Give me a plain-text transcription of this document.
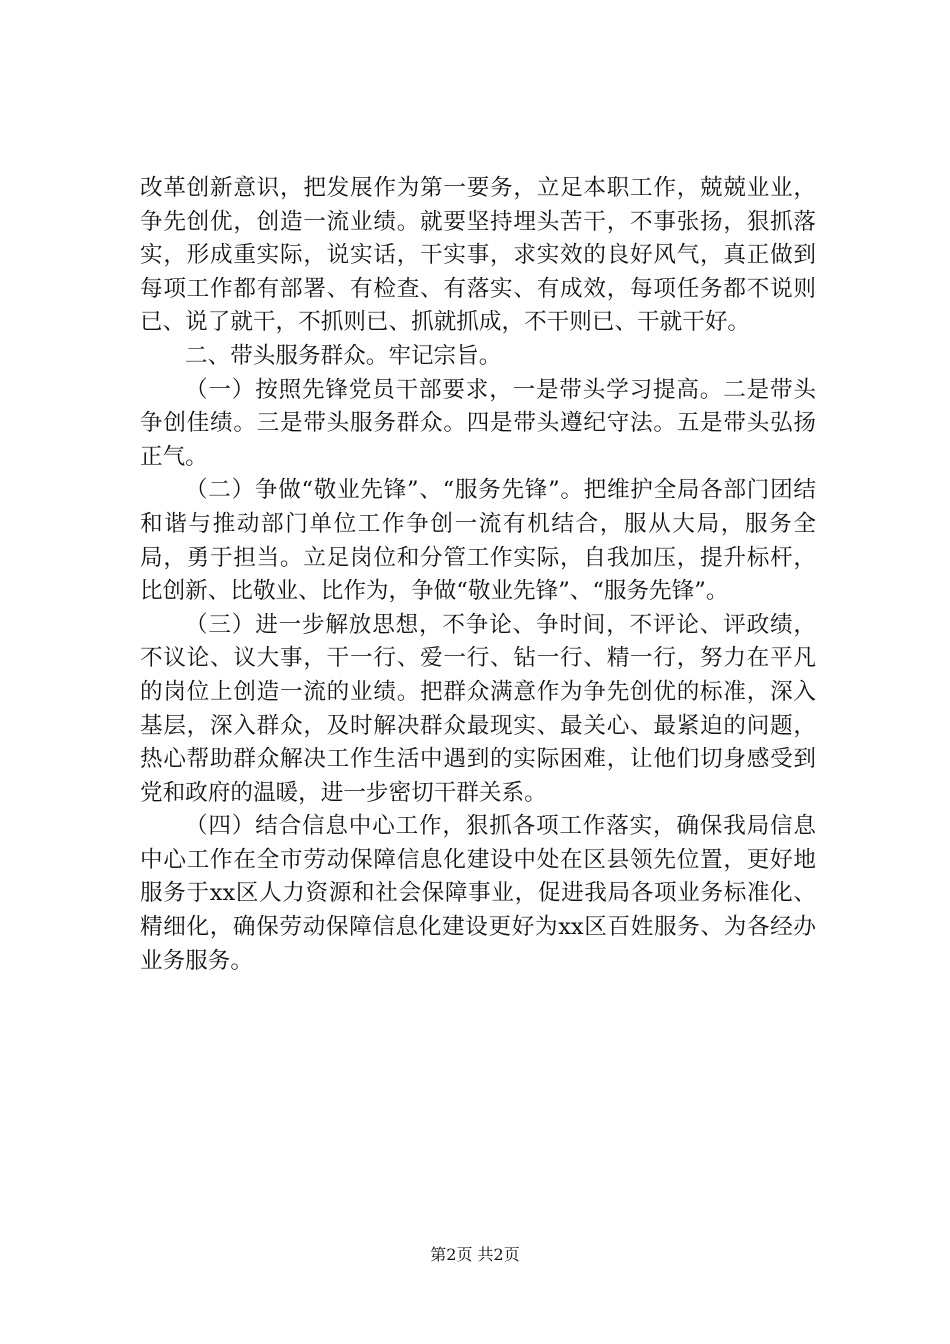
改革创新意识，把发展作为第一要务，立足本职工作，兢兢业业，争先创优，创造一流业绩。就要坚持埋头苦干，不事张扬，狠抓落实，形成重实际，说实话，干实事，求实效的良好风气，真正做到每项工作都有部署、有检查、有落实、有成效，每项任务都不说则已、说了就干，不抓则已、抓就抓成，不干则已、干就干好。

二、带头服务群众。牢记宗旨。

（一）按照先锋党员干部要求，一是带头学习提高。二是带头争创佳绩。三是带头服务群众。四是带头遵纪守法。五是带头弘扬正气。

（二）争做“敬业先锋”、“服务先锋”。把维护全局各部门团结和谐与推动部门单位工作争创一流有机结合，服从大局，服务全局，勇于担当。立足岗位和分管工作实际，自我加压，提升标杆，比创新、比敬业、比作为，争做“敬业先锋”、“服务先锋”。

（三）进一步解放思想，不争论、争时间，不评论、评政绩，不议论、议大事，干一行、爱一行、钻一行、精一行，努力在平凡的岗位上创造一流的业绩。把群众满意作为争先创优的标准，深入基层，深入群众，及时解决群众最现实、最关心、最紧迫的问题，热心帮助群众解决工作生活中遇到的实际困难，让他们切身感受到党和政府的温暖，进一步密切干群关系。

（四）结合信息中心工作，狠抓各项工作落实，确保我局信息中心工作在全市劳动保障信息化建设中处在区县领先位置，更好地服务于xx区人力资源和社会保障事业，促进我局各项业务标准化、精细化，确保劳动保障信息化建设更好为xx区百姓服务、为各经办业务服务。

第2页 共2页
